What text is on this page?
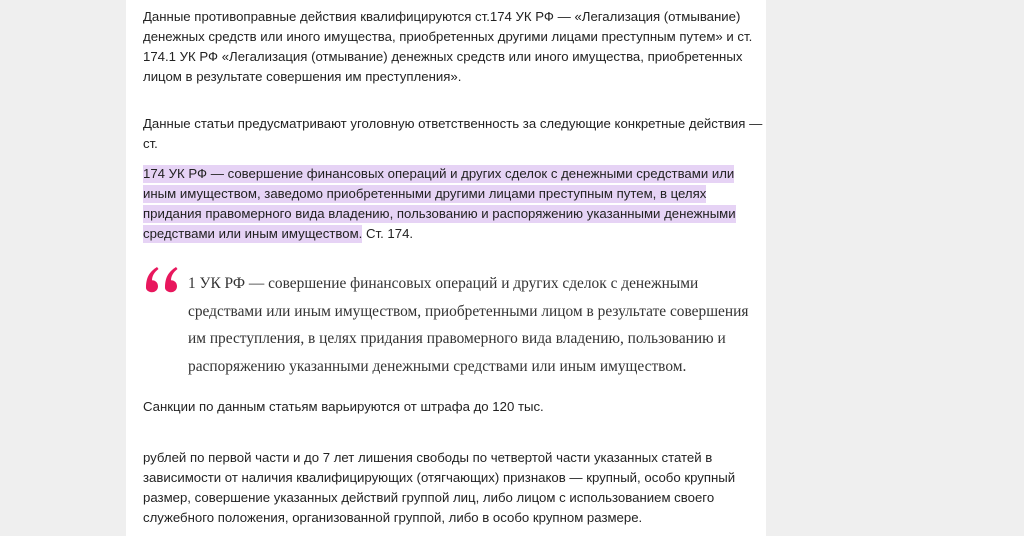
Данные противоправные действия квалифицируются ст.174 УК РФ — «Легализация (отмывание) денежных средств или иного имущества, приобретенных другими лицами преступным путем» и ст. 174.1 УК РФ «Легализация (отмывание) денежных средств или иного имущества, приобретенных лицом в результате совершения им преступления».

Данные статьи предусматривают уголовную ответственность за следующие конкретные действия — ст.

174 УК РФ — совершение финансовых операций и других сделок с денежными средствами или иным имуществом, заведомо приобретенными другими лицами преступным путем, в целях придания правомерного вида владению, пользованию и распоряжению указанными денежными средствами или иным имуществом. Ст. 174.

1 УК РФ — совершение финансовых операций и других сделок с денежными средствами или иным имуществом, приобретенными лицом в результате совершения им преступления, в целях придания правомерного вида владению, пользованию и распоряжению указанными денежными средствами или иным имуществом.

Санкции по данным статьям варьируются от штрафа до 120 тыс.

рублей по первой части и до 7 лет лишения свободы по четвертой части указанных статей в зависимости от наличия квалифицирующих (отягчающих) признаков — крупный, особо крупный размер, совершение указанных действий группой лиц, либо лицом с использованием своего служебного положения, организованной группой, либо в особо крупном размере.
